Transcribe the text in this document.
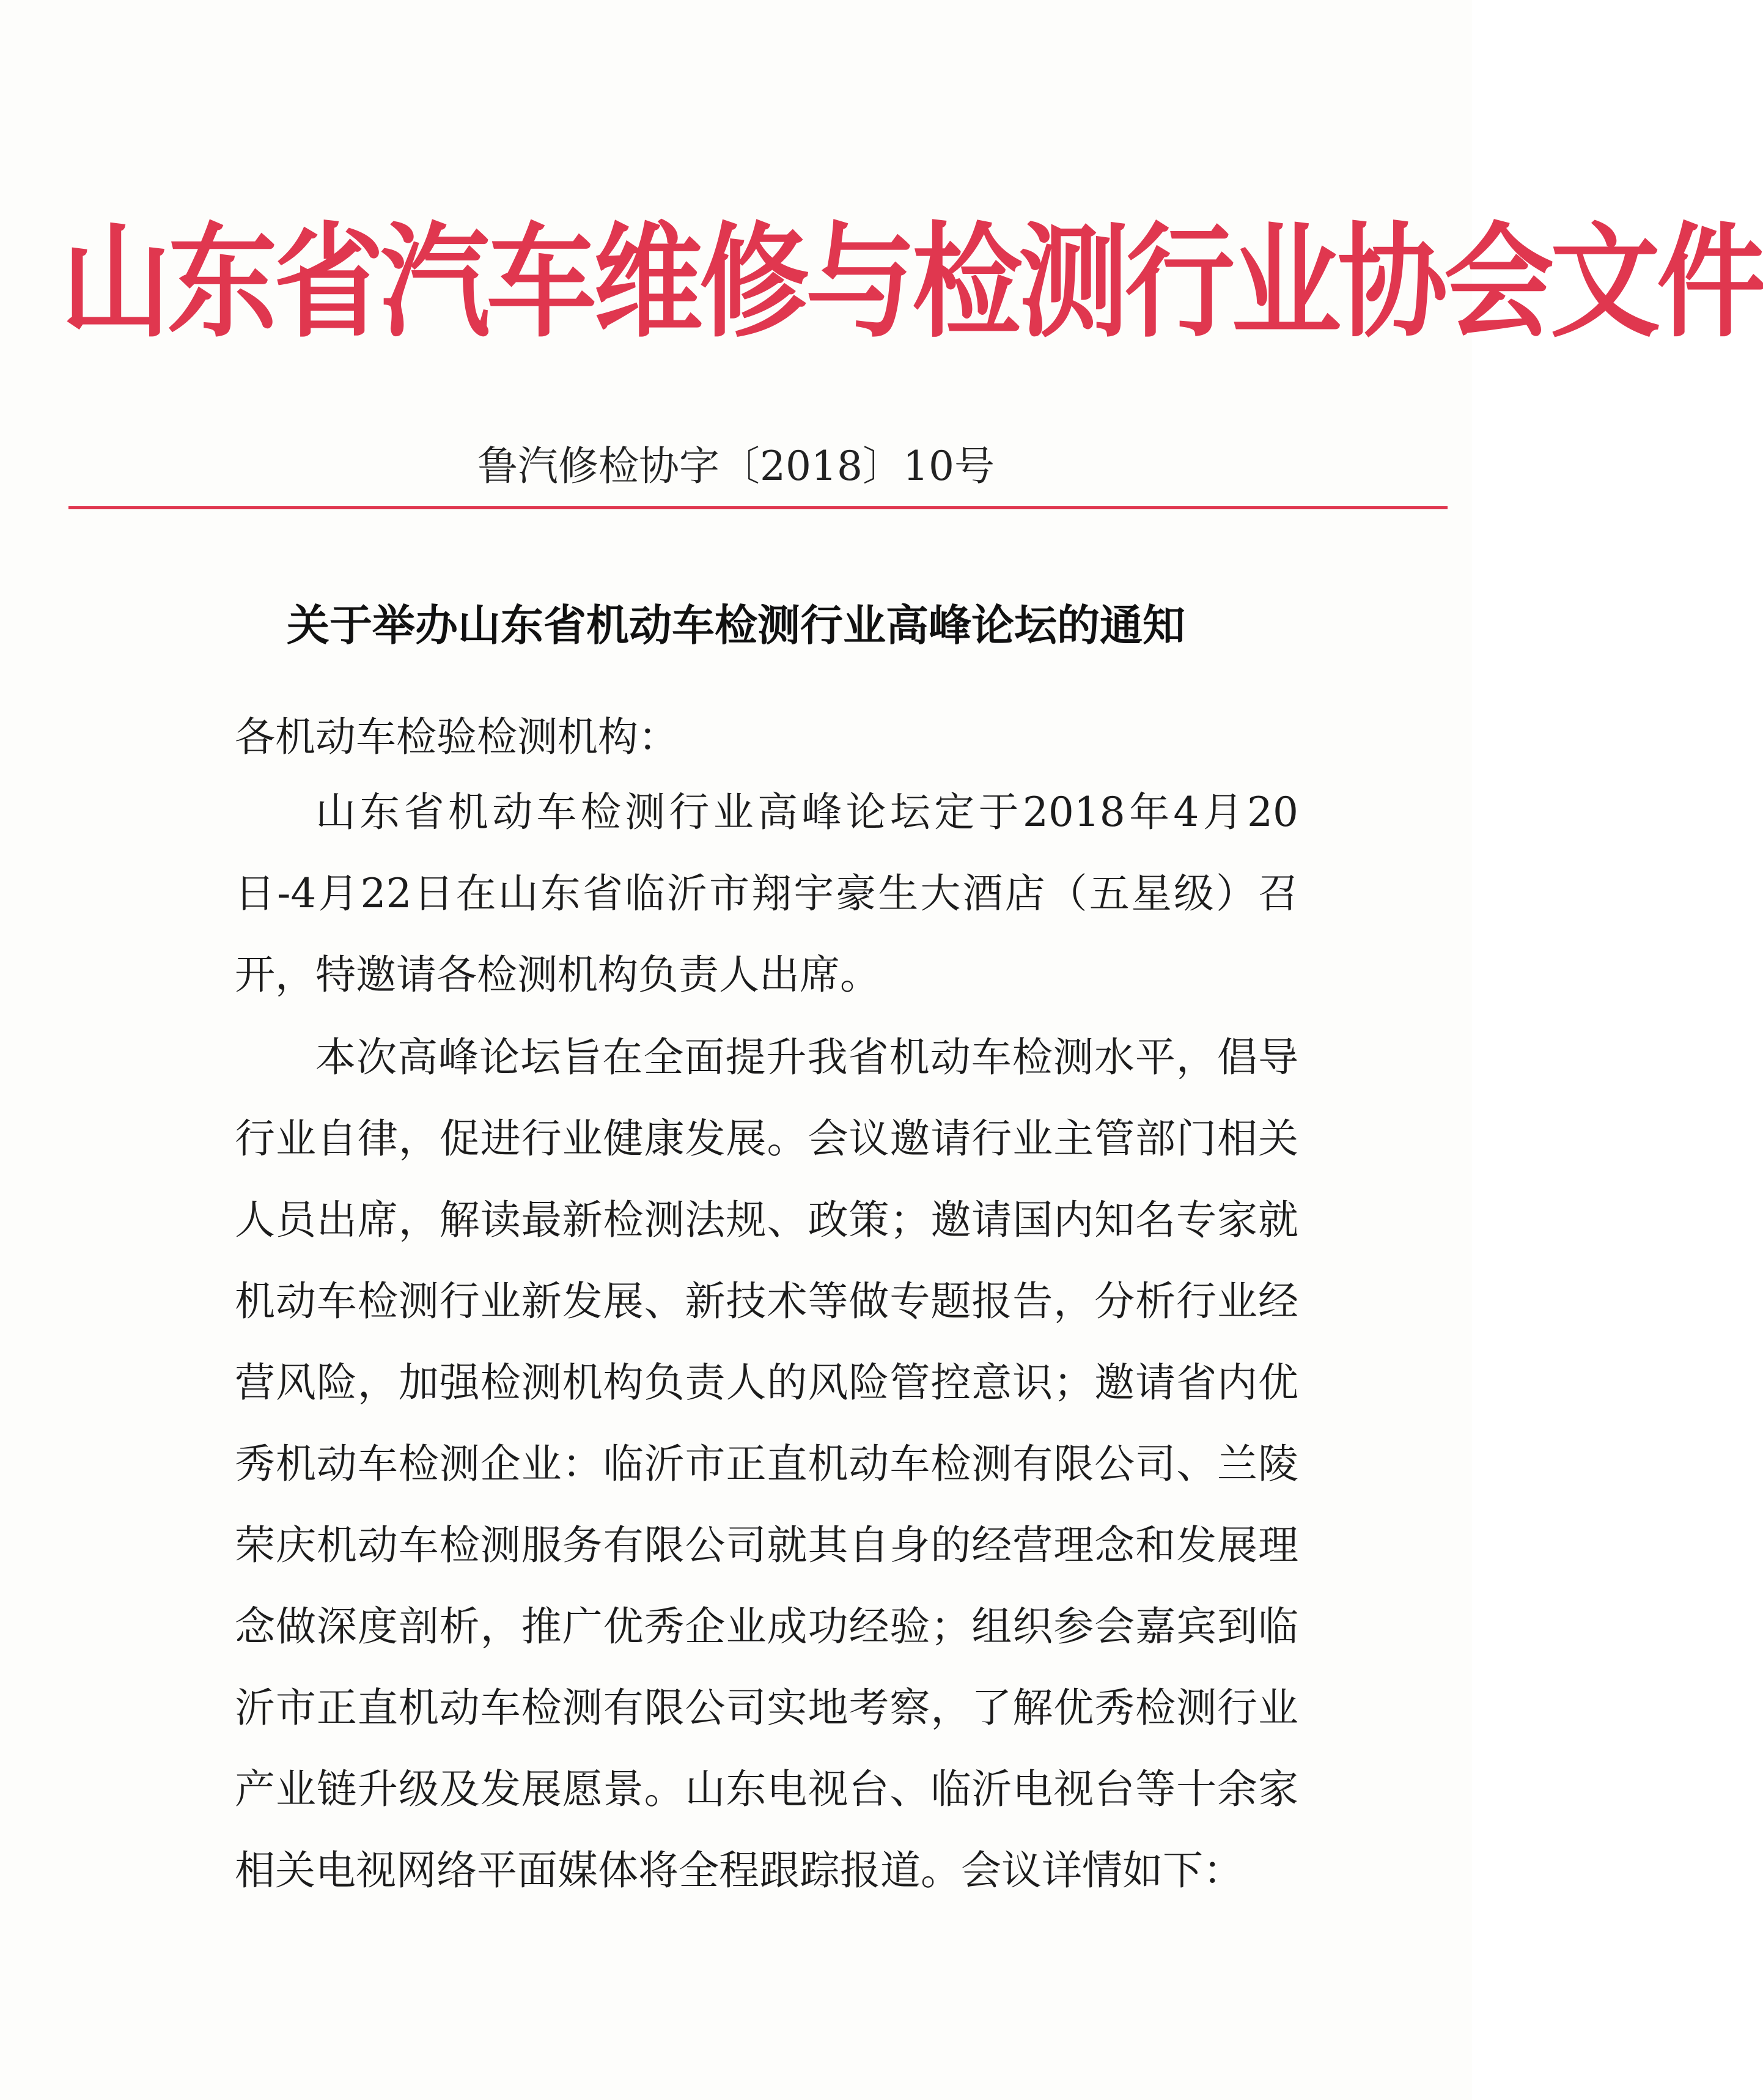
山东省汽车维修与检测行业协会文件
鲁汽修检协字〔2018〕10号
关于举办山东省机动车检测行业高峰论坛的通知
各机动车检验检测机构：

山东省机动车检测行业高峰论坛定于2018年4月20日-4月22日在山东省临沂市翔宇豪生大酒店（五星级）召开，特邀请各检测机构负责人出席。

本次高峰论坛旨在全面提升我省机动车检测水平，倡导行业自律，促进行业健康发展。会议邀请行业主管部门相关人员出席，解读最新检测法规、政策；邀请国内知名专家就机动车检测行业新发展、新技术等做专题报告，分析行业经营风险，加强检测机构负责人的风险管控意识；邀请省内优秀机动车检测企业：临沂市正直机动车检测有限公司、兰陵荣庆机动车检测服务有限公司就其自身的经营理念和发展理念做深度剖析，推广优秀企业成功经验；组织参会嘉宾到临沂市正直机动车检测有限公司实地考察，了解优秀检测行业产业链升级及发展愿景。山东电视台、临沂电视台等十余家相关电视网络平面媒体将全程跟踪报道。会议详情如下：
